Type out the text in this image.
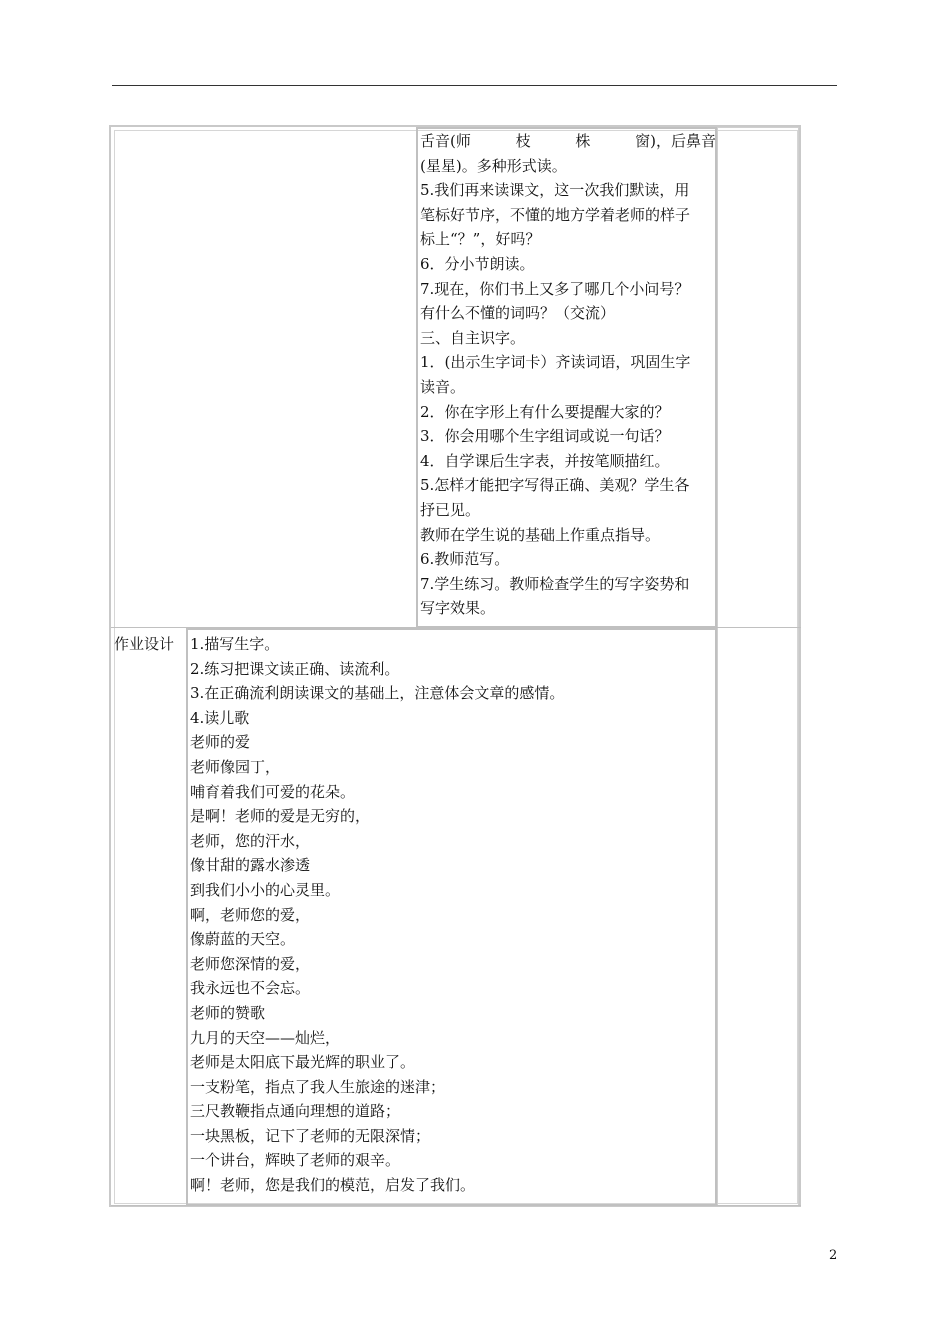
舌音(师	枝	株	窗)，后鼻音
(星星)。多种形式读。
5.我们再来读课文，这一次我们默读，用
笔标好节序，不懂的地方学着老师的样子
标上“？”，好吗？
6．分小节朗读。
7.现在，你们书上又多了哪几个小问号？
有什么不懂的词吗？（交流）
三、自主识字。
1．(出示生字词卡）齐读词语，巩固生字
读音。
2．你在字形上有什么要提醒大家的？
3．你会用哪个生字组词或说一句话？
4．自学课后生字表，并按笔顺描红。
5.怎样才能把字写得正确、美观？学生各
抒已见。
教师在学生说的基础上作重点指导。
6.教师范写。
7.学生练习。教师检查学生的写字姿势和
写字效果。
作业设计 1.描写生字。
2.练习把课文读正确、读流利。
3.在正确流利朗读课文的基础上，注意体会文章的感情。
4.读儿歌
老师的爱
老师像园丁，
哺育着我们可爱的花朵。
是啊！老师的爱是无穷的，
老师，您的汗水，
像甘甜的露水渗透
到我们小小的心灵里。
啊，老师您的爱，
像蔚蓝的天空。
老师您深情的爱，
我永远也不会忘。
老师的赞歌
九月的天空——灿烂，
老师是太阳底下最光辉的职业了。
一支粉笔，指点了我人生旅途的迷津；
三尺教鞭指点通向理想的道路；
一块黑板，记下了老师的无限深情；
一个讲台，辉映了老师的艰辛。
啊！老师，您是我们的模范，启发了我们。
2
